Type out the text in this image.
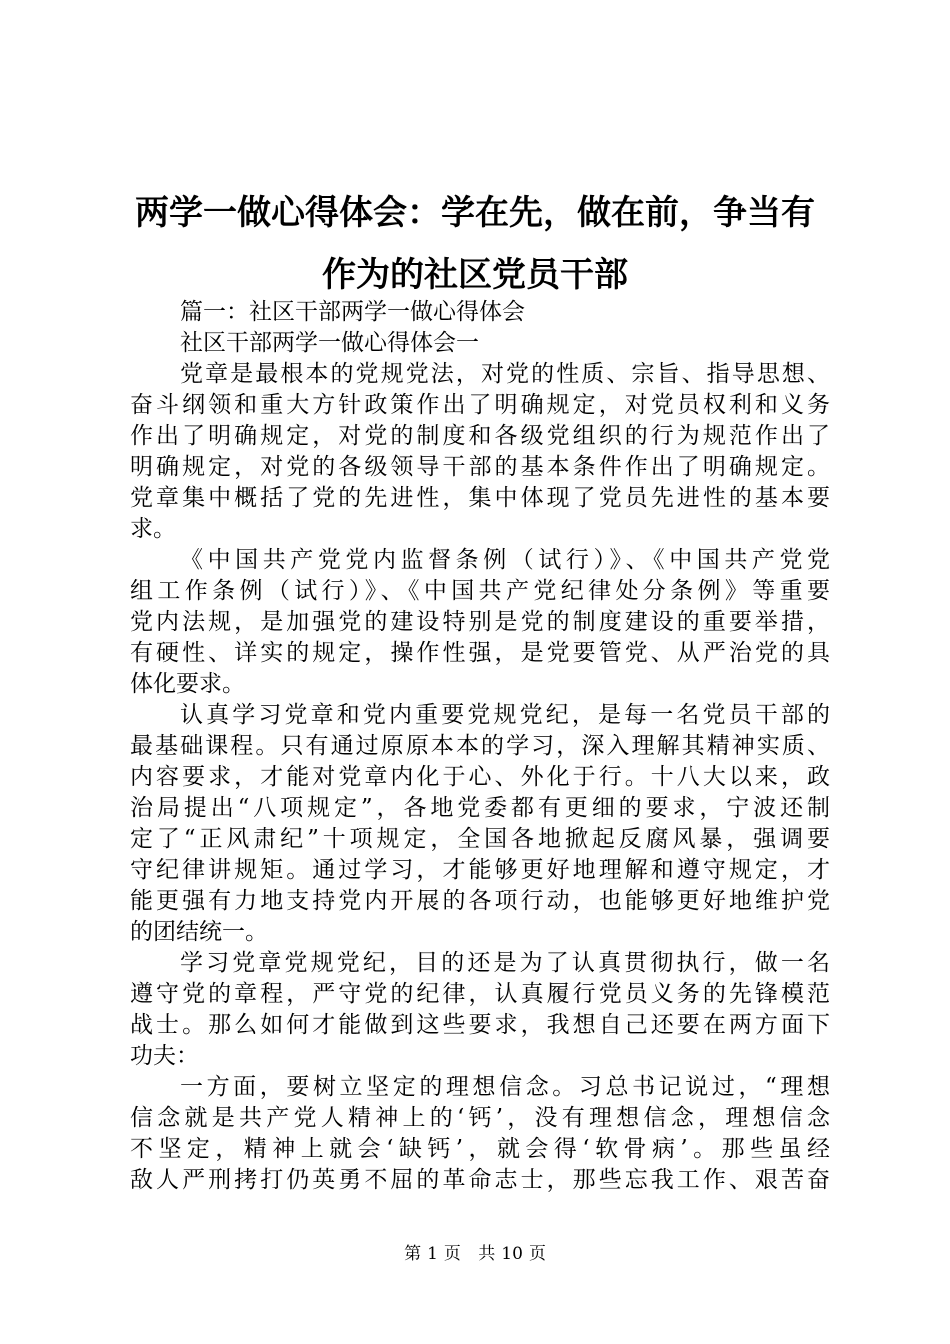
两学一做心得体会：学在先，做在前，争当有
作为的社区党员干部
篇一：社区干部两学一做心得体会
社区干部两学一做心得体会一
党章是最根本的党规党法，对党的性质、宗旨、指导思想、
奋斗纲领和重大方针政策作出了明确规定，对党员权利和义务
作出了明确规定，对党的制度和各级党组织的行为规范作出了
明确规定，对党的各级领导干部的基本条件作出了明确规定。
党章集中概括了党的先进性，集中体现了党员先进性的基本要
求。
《中国共产党党内监督条例（试行）》、《中国共产党党
组工作条例（试行）》、《中国共产党纪律处分条例》等重要
党内法规，是加强党的建设特别是党的制度建设的重要举措，
有硬性、详实的规定，操作性强，是党要管党、从严治党的具
体化要求。
认真学习党章和党内重要党规党纪，是每一名党员干部的
最基础课程。只有通过原原本本的学习，深入理解其精神实质、
内容要求，才能对党章内化于心、外化于行。十八大以来，政
治局提出“八项规定”，各地党委都有更细的要求，宁波还制
定了“正风肃纪”十项规定，全国各地掀起反腐风暴，强调要
守纪律讲规矩。通过学习，才能够更好地理解和遵守规定，才
能更强有力地支持党内开展的各项行动，也能够更好地维护党
的团结统一。
学习党章党规党纪，目的还是为了认真贯彻执行，做一名
遵守党的章程，严守党的纪律，认真履行党员义务的先锋模范
战士。那么如何才能做到这些要求，我想自己还要在两方面下
功夫：
一方面，要树立坚定的理想信念。习总书记说过，“理想
信念就是共产党人精神上的‘钙’，没有理想信念，理想信念
不坚定，精神上就会‘缺钙’，就会得‘软骨病’。那些虽经
敌人严刑拷打仍英勇不屈的革命志士，那些忘我工作、艰苦奋
第 1 页 共 10 页
